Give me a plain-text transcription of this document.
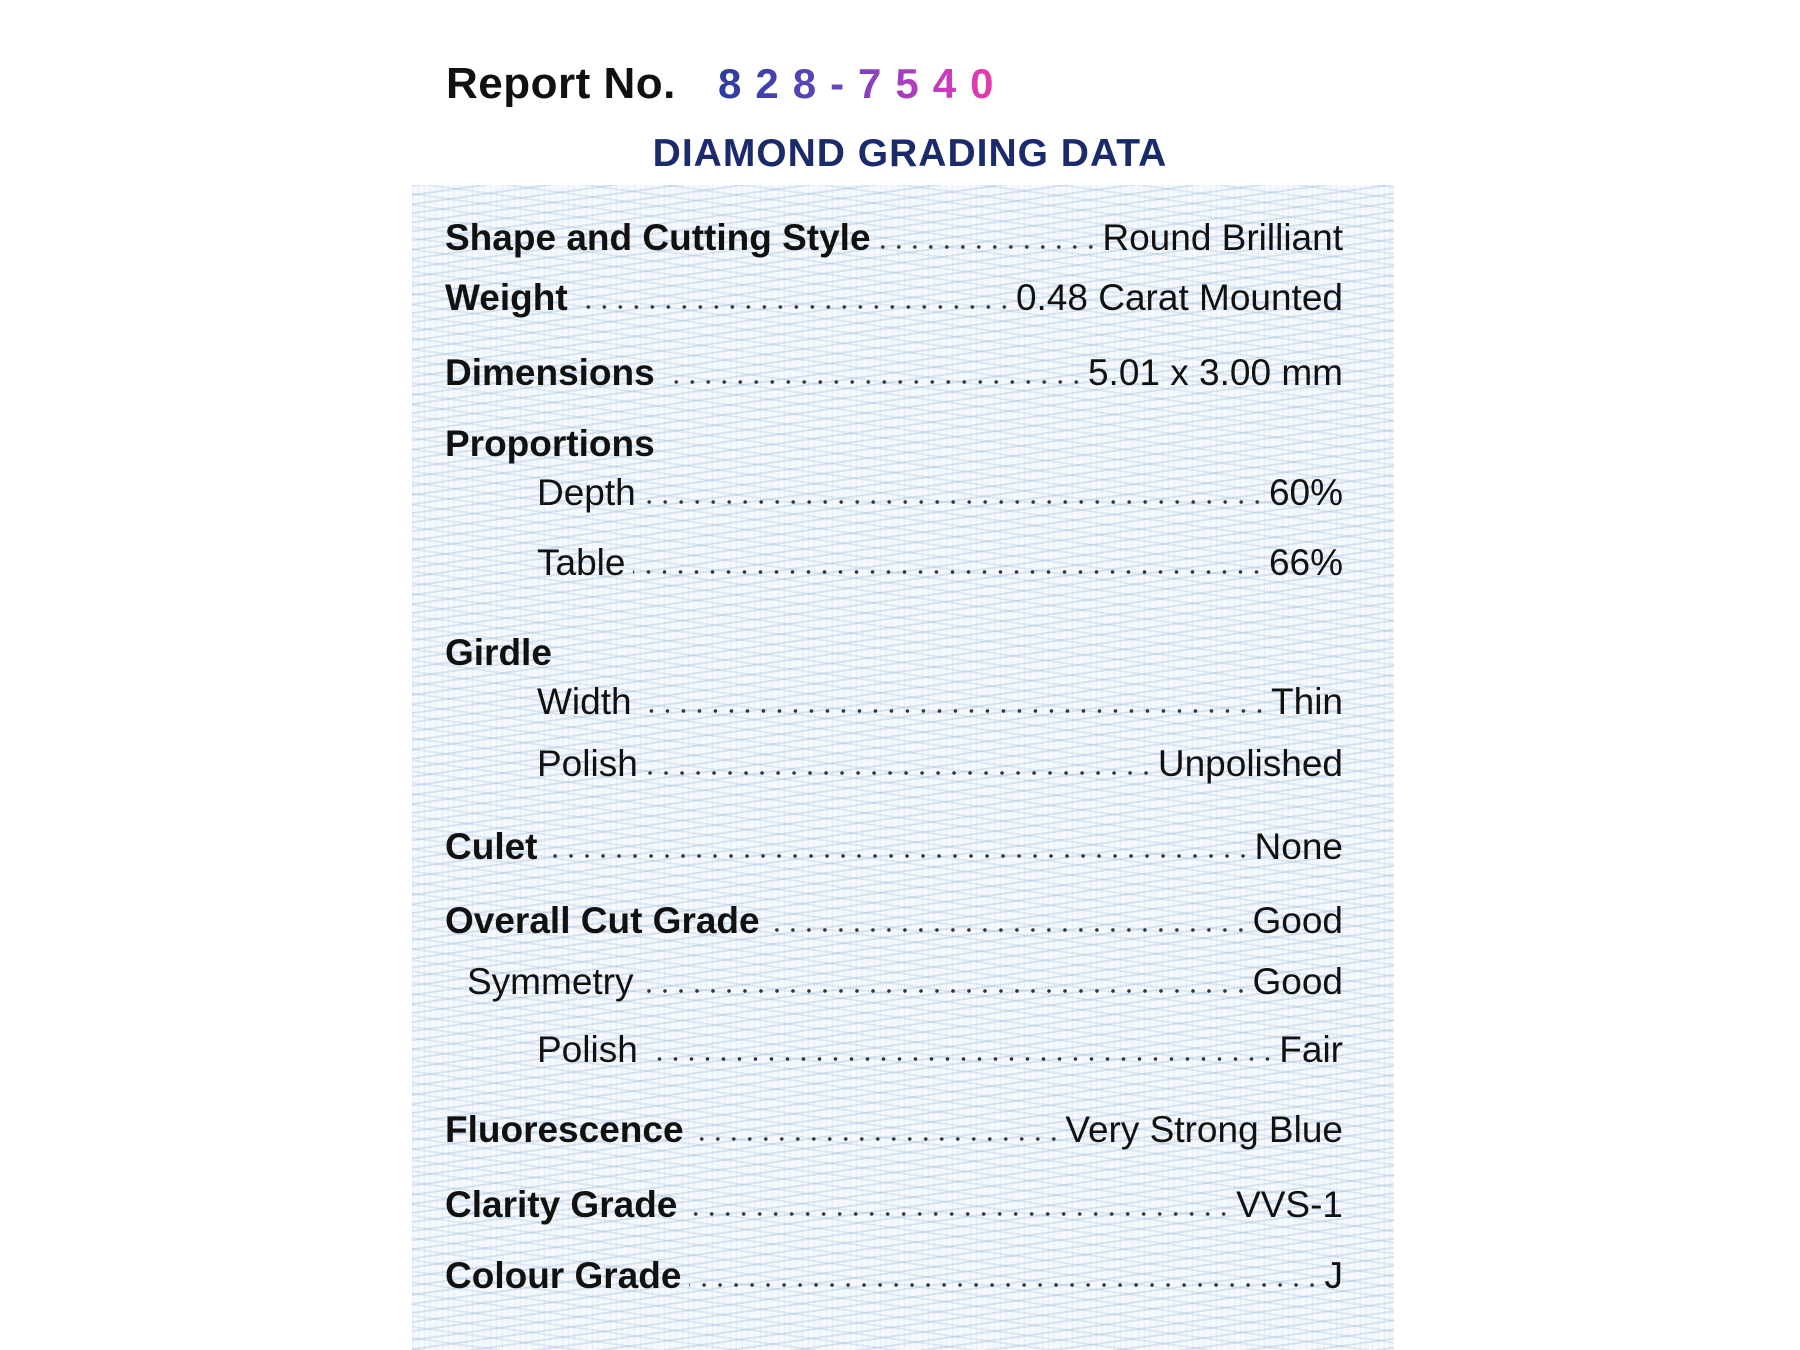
Report No. 828-7540
DIAMOND GRADING DATA
Shape and Cutting Style	Round Brilliant
Weight	0.48 Carat Mounted
Dimensions	5.01 x 3.00 mm
Proportions
Depth	60%
Table	66%
Girdle
Width	Thin
Polish	Unpolished
Culet	None
Overall Cut Grade	Good
Symmetry	Good
Polish	Fair
Fluorescence	Very Strong Blue
Clarity Grade	VVS-1
Colour Grade	J
